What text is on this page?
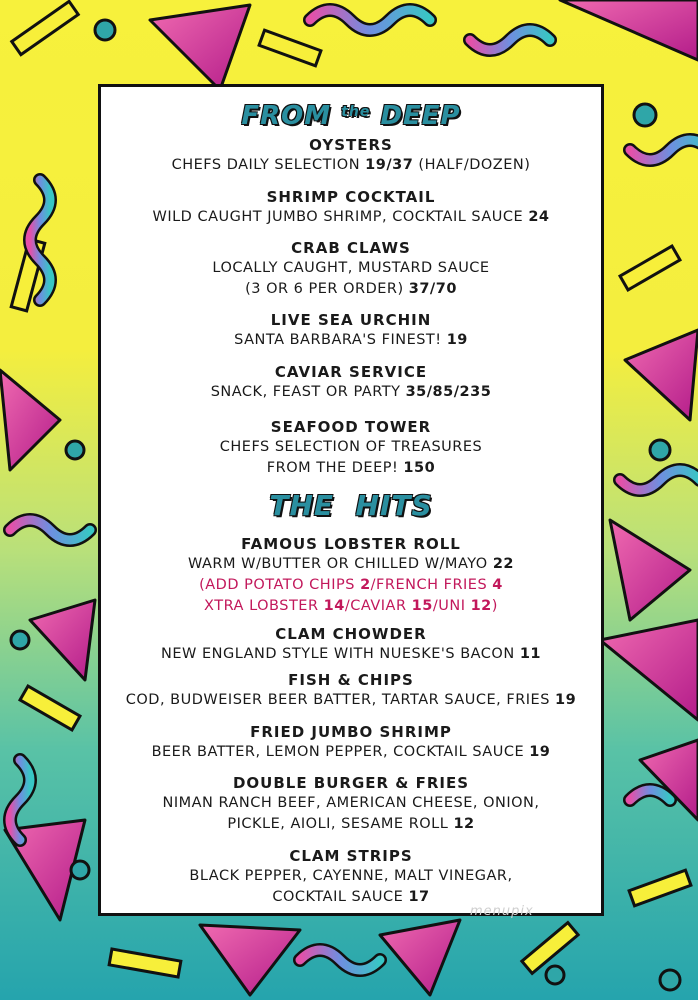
FROM $^{the}$ DEEP
OYSTERS
CHEFS DAILY SELECTION 19/37 (HALF/DOZEN)
SHRIMP COCKTAIL
WILD CAUGHT JUMBO SHRIMP, COCKTAIL SAUCE 24
CRAB CLAWS
LOCALLY CAUGHT, MUSTARD SAUCE
(3 OR 6 PER ORDER) 37/70
LIVE SEA URCHIN
SANTA BARBARA'S FINEST! 19
CAVIAR SERVICE
SNACK, FEAST OR PARTY 35/85/235
SEAFOOD TOWER
CHEFS SELECTION OF TREASURES
FROM THE DEEP! 150
THE HITS
FAMOUS LOBSTER ROLL
WARM W/BUTTER OR CHILLED W/MAYO 22
(ADD POTATO CHIPS 2/FRENCH FRIES 4
XTRA LOBSTER 14/CAVIAR 15/UNI 12)
CLAM CHOWDER
NEW ENGLAND STYLE WITH NUESKE'S BACON 11
FISH & CHIPS
COD, BUDWEISER BEER BATTER, TARTAR SAUCE, FRIES 19
FRIED JUMBO SHRIMP
BEER BATTER, LEMON PEPPER, COCKTAIL SAUCE 19
DOUBLE BURGER & FRIES
NIMAN RANCH BEEF, AMERICAN CHEESE, ONION,
PICKLE, AIOLI, SESAME ROLL 12
CLAM STRIPS
BLACK PEPPER, CAYENNE, MALT VINEGAR,
COCKTAIL SAUCE 17
menupix
